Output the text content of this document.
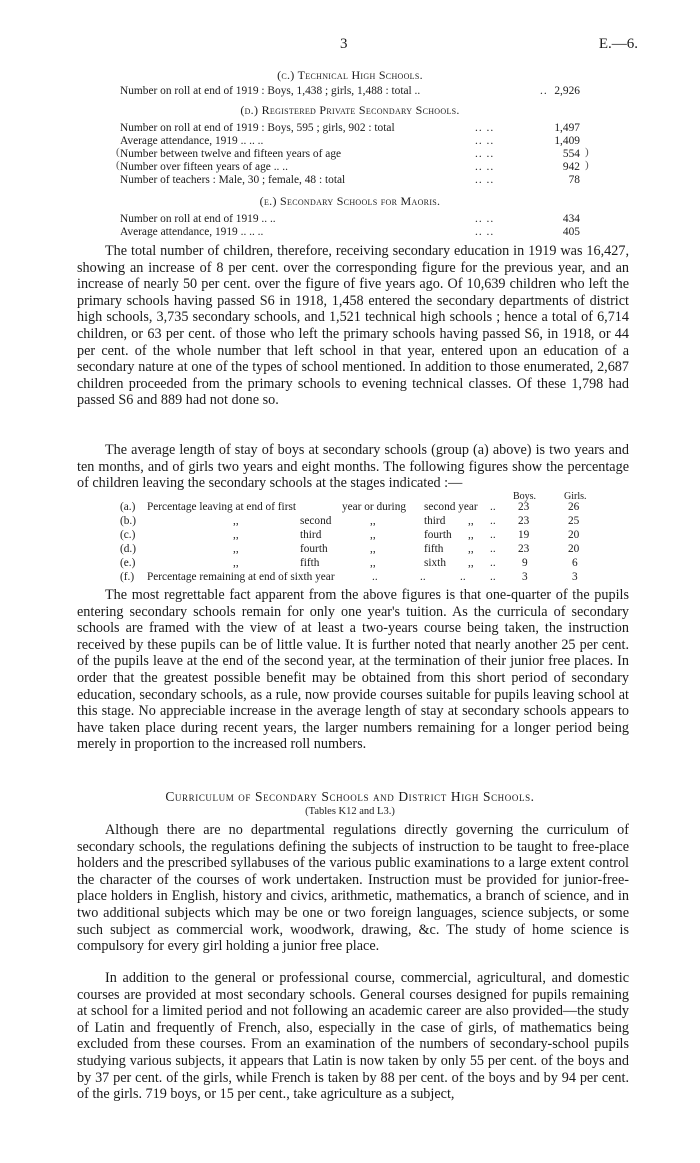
3	E.—6.
(c.) Technical High Schools.
Number on roll at end of 1919 : Boys, 1,438 ; girls, 1,488 : total ..	.. 2,926
(d.) Registered Private Secondary Schools.
Number on roll at end of 1919 : Boys, 595 ; girls, 902 : total	.. ..	1,497
Average attendance, 1919 .. .. ..	.. ..	1,409
(	)
Number between twelve and fifteen years of age	.. ..	554
(	)
Number over fifteen years of age .. ..	.. ..	942
Number of teachers : Male, 30 ; female, 48 : total	.. ..	78
(e.) Secondary Schools for Maoris.
Number on roll at end of 1919 .. ..	.. ..	434
Average attendance, 1919 .. .. ..	.. ..	405

The total number of children, therefore, receiving secondary education in 1919 was 16,427, showing an increase of 8 per cent. over the corresponding figure for the previous year, and an increase of nearly 50 per cent. over the figure of five years ago. Of 10,639 children who left the primary schools having passed S6 in 1918, 1,458 entered the secondary departments of district high schools, 3,735 secondary schools, and 1,521 technical high schools ; hence a total of 6,714 children, or 63 per cent. of those who left the primary schools having passed S6, in 1918, or 44 per cent. of the whole number that left school in that year, entered upon an education of a secondary nature at one of the types of school mentioned. In addition to those enumerated, 2,687 children proceeded from the primary schools to evening technical classes. Of these 1,798 had passed S6 and 889 had not done so.

The average length of stay of boys at secondary schools (group (a) above) is two years and ten months, and of girls two years and eight months. The following figures show the percentage of children leaving the secondary schools at the stages indicated :—

Boys.	Girls.
(a.) Percentage leaving at end of first	year or during second year .. 23	26
(b.)	,,	second	,,	third ,, .. 23	25
(c.)	,,	third	,,	fourth ,, .. 19	20
(d.)	,,	fourth	,,	fifth ,, .. 23	20
(e.)	,,	fifth	,,	sixth ,, .. 9	6
(f.) Percentage remaining at end of sixth year	..	..	.. .. 3	3

The most regrettable fact apparent from the above figures is that one-quarter of the pupils entering secondary schools remain for only one year's tuition. As the curricula of secondary schools are framed with the view of at least a two-years course being taken, the instruction received by these pupils can be of little value. It is further noted that nearly another 25 per cent. of the pupils leave at the end of the second year, at the termination of their junior free places. In order that the greatest possible benefit may be obtained from this short period of secondary education, secondary schools, as a rule, now provide courses suitable for pupils leaving school at this stage. No appreciable increase in the average length of stay at secondary schools appears to have taken place during recent years, the larger numbers remaining for a longer period being merely in proportion to the increased roll numbers.

Curriculum of Secondary Schools and District High Schools.
(Tables K12 and L3.)

Although there are no departmental regulations directly governing the curriculum of secondary schools, the regulations defining the subjects of instruction to be taught to free-place holders and the prescribed syllabuses of the various public examinations to a large extent control the character of the courses of work undertaken. Instruction must be provided for junior-free-place holders in English, history and civics, arithmetic, mathematics, a branch of science, and in two additional subjects which may be one or two foreign languages, science subjects, or some such subject as commercial work, woodwork, drawing, &c. The study of home science is compulsory for every girl holding a junior free place.

In addition to the general or professional course, commercial, agricultural, and domestic courses are provided at most secondary schools. General courses designed for pupils remaining at school for a limited period and not following an academic career are also provided—the study of Latin and frequently of French, also, especially in the case of girls, of mathematics being excluded from these courses. From an examination of the numbers of secondary-school pupils studying various subjects, it appears that Latin is now taken by only 55 per cent. of the boys and by 37 per cent. of the girls, while French is taken by 88 per cent. of the boys and by 94 per cent. of the girls. 719 boys, or 15 per cent., take agriculture as a subject,
